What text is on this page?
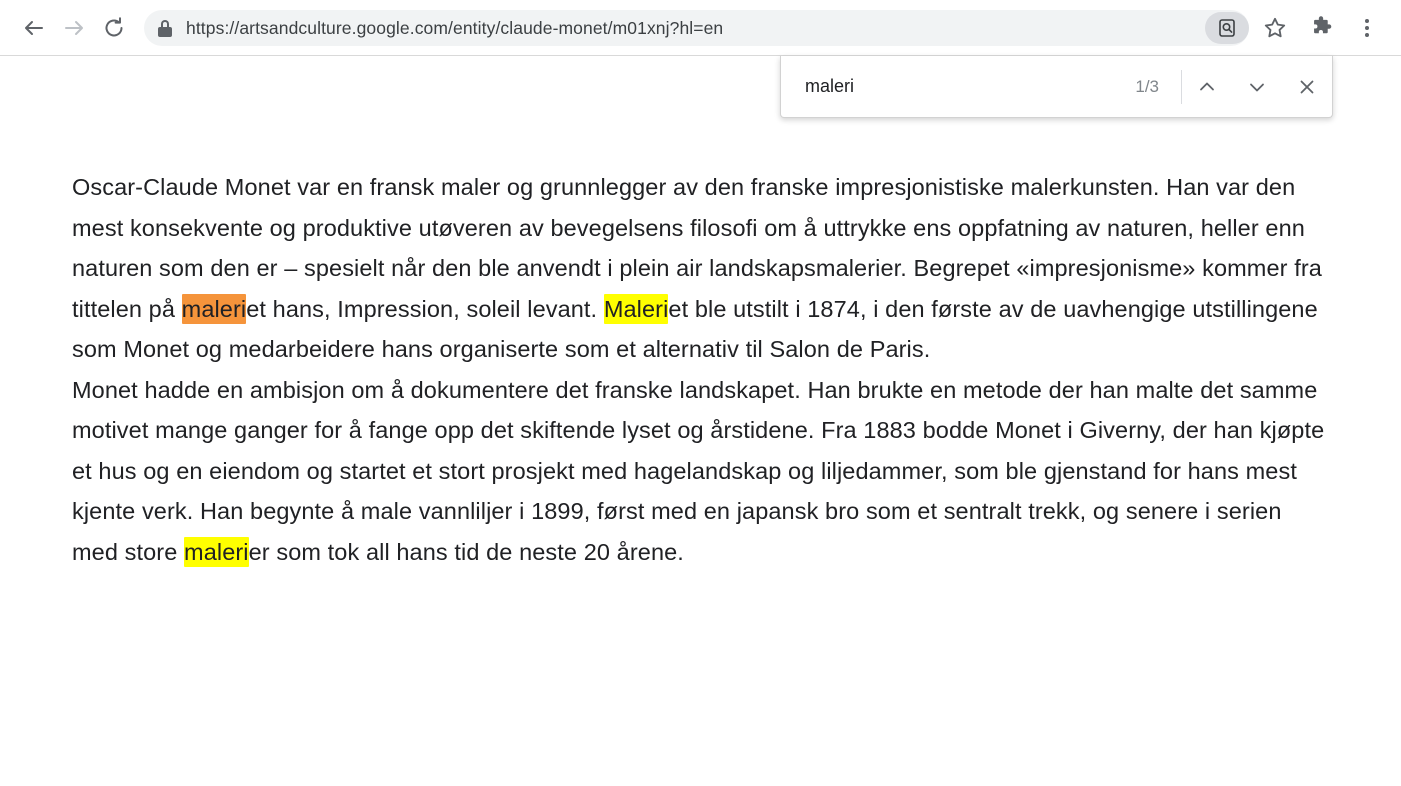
https://artsandculture.google.com/entity/claude-monet/m01xnj?hl=en
maleri
1/3

Oscar-Claude Monet var en fransk maler og grunnlegger av den franske impresjonistiske malerkunsten. Han var den mest konsekvente og produktive utøveren av bevegelsens filosofi om å uttrykke ens oppfatning av naturen, heller enn naturen som den er – spesielt når den ble anvendt i plein air landskapsmalerier. Begrepet «impresjonisme» kommer fra tittelen på maleriet hans, Impression, soleil levant. Maleriet ble utstilt i 1874, i den første av de uavhengige utstillingene som Monet og medarbeidere hans organiserte som et alternativ til Salon de Paris.

Monet hadde en ambisjon om å dokumentere det franske landskapet. Han brukte en metode der han malte det samme motivet mange ganger for å fange opp det skiftende lyset og årstidene. Fra 1883 bodde Monet i Giverny, der han kjøpte et hus og en eiendom og startet et stort prosjekt med hagelandskap og liljedammer, som ble gjenstand for hans mest kjente verk. Han begynte å male vannliljer i 1899, først med en japansk bro som et sentralt trekk, og senere i serien med store malerier som tok all hans tid de neste 20 årene.
